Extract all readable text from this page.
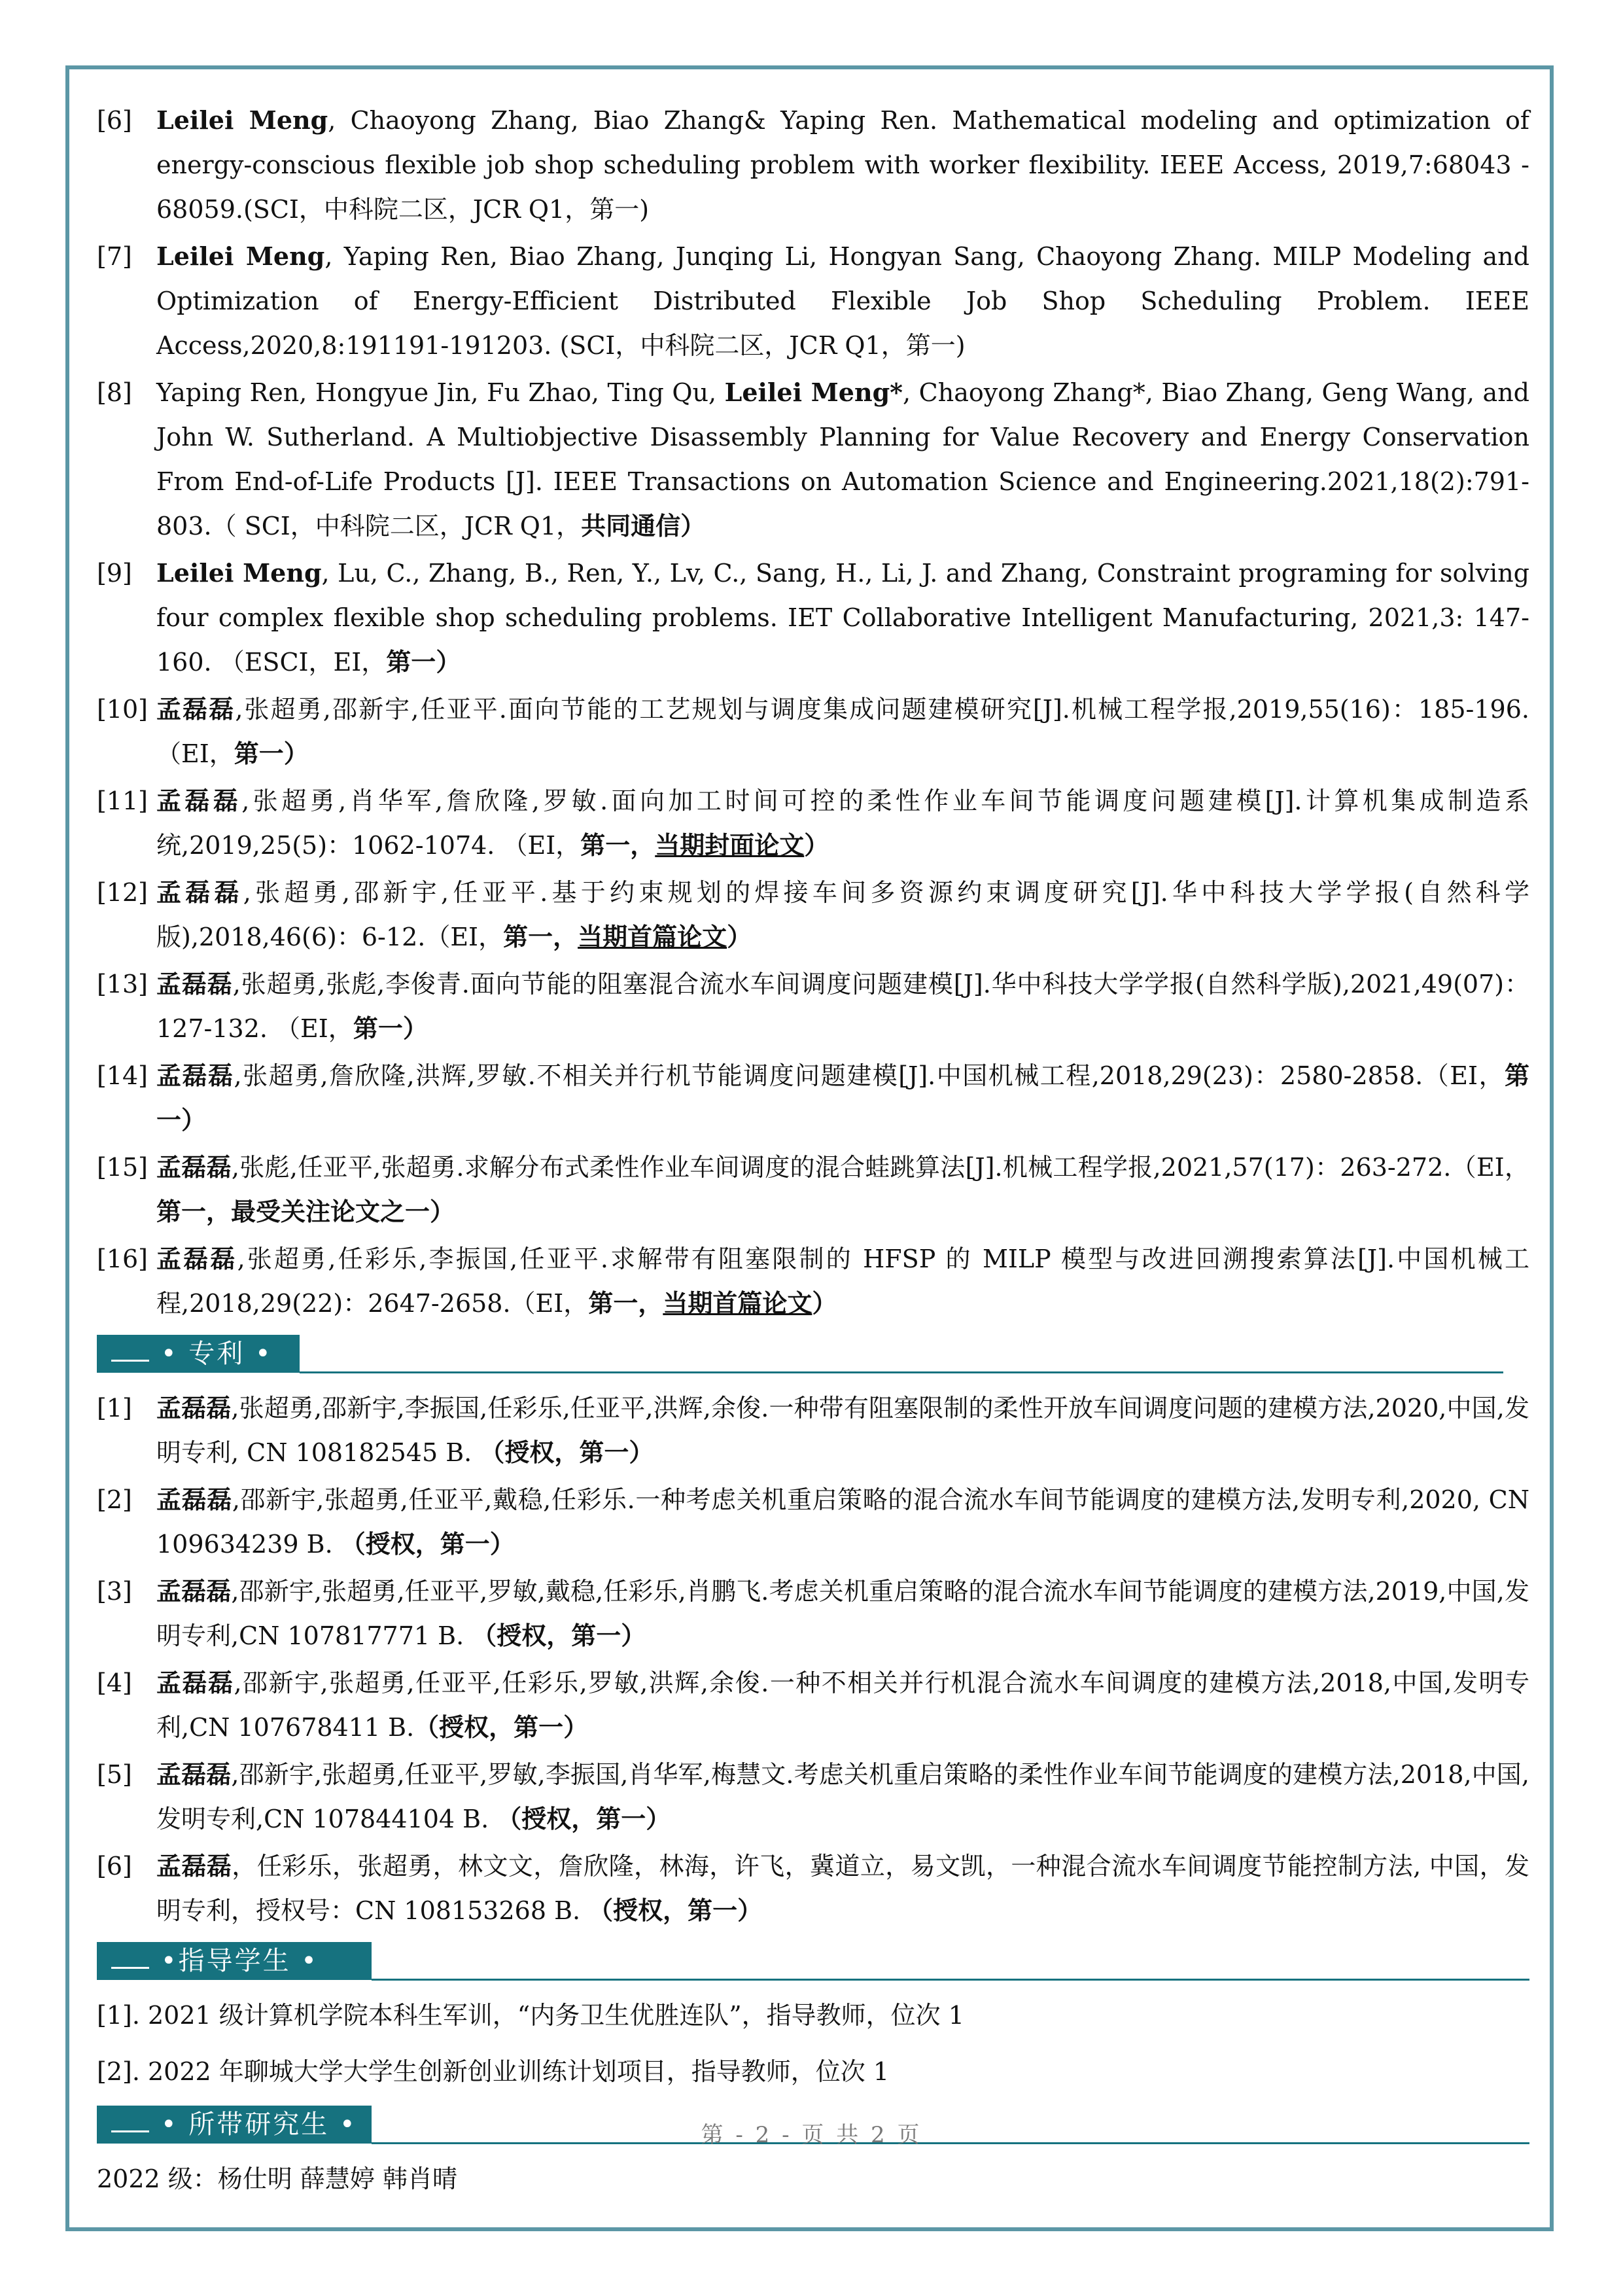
[6] Leilei Meng, Chaoyong Zhang, Biao Zhang& Yaping Ren. Mathematical modeling and optimization of energy-conscious flexible job shop scheduling problem with worker flexibility. IEEE Access, 2019,7:68043 - 68059.(SCI，中科院二区，JCR Q1，第一)
[7] Leilei Meng, Yaping Ren, Biao Zhang, Junqing Li, Hongyan Sang, Chaoyong Zhang. MILP Modeling and Optimization of Energy-Efficient Distributed Flexible Job Shop Scheduling Problem. IEEE Access,2020,8:191191-191203. (SCI，中科院二区，JCR Q1，第一)
[8] Yaping Ren, Hongyue Jin, Fu Zhao, Ting Qu, Leilei Meng*, Chaoyong Zhang*, Biao Zhang, Geng Wang, and John W. Sutherland. A Multiobjective Disassembly Planning for Value Recovery and Energy Conservation From End-of-Life Products [J]. IEEE Transactions on Automation Science and Engineering.2021,18(2):791-803.（ SCI，中科院二区，JCR Q1，共同通信）
[9] Leilei Meng, Lu, C., Zhang, B., Ren, Y., Lv, C., Sang, H., Li, J. and Zhang, Constraint programing for solving four complex flexible shop scheduling problems. IET Collaborative Intelligent Manufacturing, 2021,3: 147-160. （ESCI，EI，第一）
[10] 孟磊磊,张超勇,邵新宇,任亚平.面向节能的工艺规划与调度集成问题建模研究[J].机械工程学报,2019,55(16)：185-196.（EI，第一）
[11] 孟磊磊,张超勇,肖华军,詹欣隆,罗敏.面向加工时间可控的柔性作业车间节能调度问题建模[J].计算机集成制造系统,2019,25(5)：1062-1074. （EI，第一，当期封面论文）
[12] 孟磊磊,张超勇,邵新宇,任亚平.基于约束规划的焊接车间多资源约束调度研究[J].华中科技大学学报(自然科学版),2018,46(6)：6-12.（EI，第一，当期首篇论文）
[13] 孟磊磊,张超勇,张彪,李俊青.面向节能的阻塞混合流水车间调度问题建模[J].华中科技大学学报(自然科学版),2021,49(07)：127-132. （EI，第一）
[14] 孟磊磊,张超勇,詹欣隆,洪辉,罗敏.不相关并行机节能调度问题建模[J].中国机械工程,2018,29(23)：2580-2858.（EI，第一）
[15] 孟磊磊,张彪,任亚平,张超勇.求解分布式柔性作业车间调度的混合蛙跳算法[J].机械工程学报,2021,57(17)：263-272.（EI，第一，最受关注论文之一）
[16] 孟磊磊,张超勇,任彩乐,李振国,任亚平.求解带有阻塞限制的 HFSP 的 MILP 模型与改进回溯搜索算法[J].中国机械工程,2018,29(22)：2647-2658.（EI，第一，当期首篇论文）
• 专利 •
[1] 孟磊磊,张超勇,邵新宇,李振国,任彩乐,任亚平,洪辉,余俊.一种带有阻塞限制的柔性开放车间调度问题的建模方法,2020,中国,发明专利, CN 108182545 B. （授权，第一）
[2] 孟磊磊,邵新宇,张超勇,任亚平,戴稳,任彩乐.一种考虑关机重启策略的混合流水车间节能调度的建模方法,发明专利,2020, CN 109634239 B. （授权，第一）
[3] 孟磊磊,邵新宇,张超勇,任亚平,罗敏,戴稳,任彩乐,肖鹏飞.考虑关机重启策略的混合流水车间节能调度的建模方法,2019,中国,发明专利,CN 107817771 B. （授权，第一）
[4] 孟磊磊,邵新宇,张超勇,任亚平,任彩乐,罗敏,洪辉,余俊.一种不相关并行机混合流水车间调度的建模方法,2018,中国,发明专利,CN 107678411 B.（授权，第一）
[5] 孟磊磊,邵新宇,张超勇,任亚平,罗敏,李振国,肖华军,梅慧文.考虑关机重启策略的柔性作业车间节能调度的建模方法,2018,中国,发明专利,CN 107844104 B. （授权，第一）
[6] 孟磊磊，任彩乐，张超勇，林文文，詹欣隆，林海，许飞，冀道立，易文凯，一种混合流水车间调度节能控制方法, 中国，发明专利，授权号：CN 108153268 B. （授权，第一）
•指导学生 •
[1]. 2021 级计算机学院本科生军训，“内务卫生优胜连队”，指导教师，位次 1
[2]. 2022 年聊城大学大学生创新创业训练计划项目，指导教师，位次 1
• 所带研究生 •
2022 级：杨仕明 薛慧婷 韩肖晴
第 - 2 - 页 共 2 页
